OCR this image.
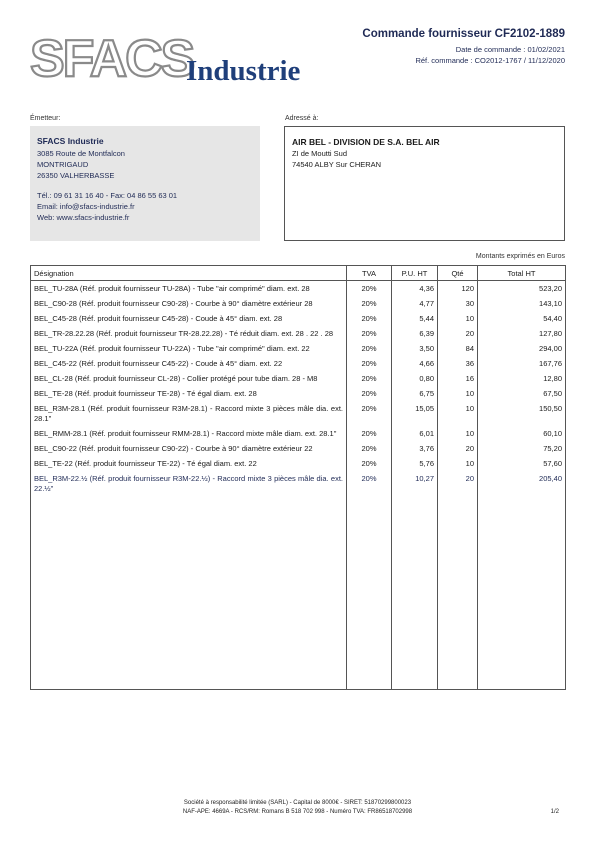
SFACS
Industrie
Commande fournisseur CF2102-1889
Date de commande : 01/02/2021
Réf. commande : CO2012-1767 / 11/12/2020
Émetteur:	Adressé à:
SFACS Industrie
3085 Route de Montfalcon
MONTRIGAUD
26350 VALHERBASSE
Tél.: 09 61 31 16 40 - Fax: 04 86 55 63 01
Email: info@sfacs-industrie.fr
Web: www.sfacs-industrie.fr
AIR BEL - DIVISION DE S.A. BEL AIR
ZI de Moutti Sud
74540 ALBY Sur CHERAN
Montants exprimés en Euros
Désignation	TVA	P.U. HT	Qté	Total HT
BEL_TU-28A (Réf. produit fournisseur TU-28A) - Tube "air comprimé" diam. ext. 28	20%	4,36	120	523,20
BEL_C90-28 (Réf. produit fournisseur C90-28) - Courbe à 90° diamètre extérieur 28	20%	4,77	30	143,10
BEL_C45-28 (Réf. produit fournisseur C45-28) - Coude à 45° diam. ext. 28	20%	5,44	10	54,40
BEL_TR-28.22.28 (Réf. produit fournisseur TR-28.22.28) - Té réduit diam. ext. 28 . 22 . 28	20%	6,39	20	127,80
BEL_TU-22A (Réf. produit fournisseur TU-22A) - Tube "air comprimé" diam. ext. 22	20%	3,50	84	294,00
BEL_C45-22 (Réf. produit fournisseur C45-22) - Coude à 45° diam. ext. 22	20%	4,66	36	167,76
BEL_CL-28 (Réf. produit fournisseur CL-28) - Collier protégé pour tube diam. 28 - M8	20%	0,80	16	12,80
BEL_TE-28 (Réf. produit fournisseur TE-28) - Té égal diam. ext. 28	20%	6,75	10	67,50
BEL_R3M-28.1 (Réf. produit fournisseur R3M-28.1) - Raccord mixte 3 pièces mâle dia. ext. 28.1"	20%	15,05	10	150,50
BEL_RMM-28.1 (Réf. produit fournisseur RMM-28.1) - Raccord mixte mâle diam. ext. 28.1"	20%	6,01	10	60,10
BEL_C90-22 (Réf. produit fournisseur C90-22) - Courbe à 90° diamètre extérieur 22	20%	3,76	20	75,20
BEL_TE-22 (Réf. produit fournisseur TE-22) - Té égal diam. ext. 22	20%	5,76	10	57,60
BEL_R3M-22.½ (Réf. produit fournisseur R3M-22.½) - Raccord mixte 3 pièces mâle dia. ext. 22.½"	20%	10,27	20	205,40

Société à responsabilité limitée (SARL) - Capital de 8000€ - SIRET: 51870299800023
NAF-APE: 4669A - RCS/RM: Romans B 518 702 998 - Numéro TVA: FR86518702998	1/2
